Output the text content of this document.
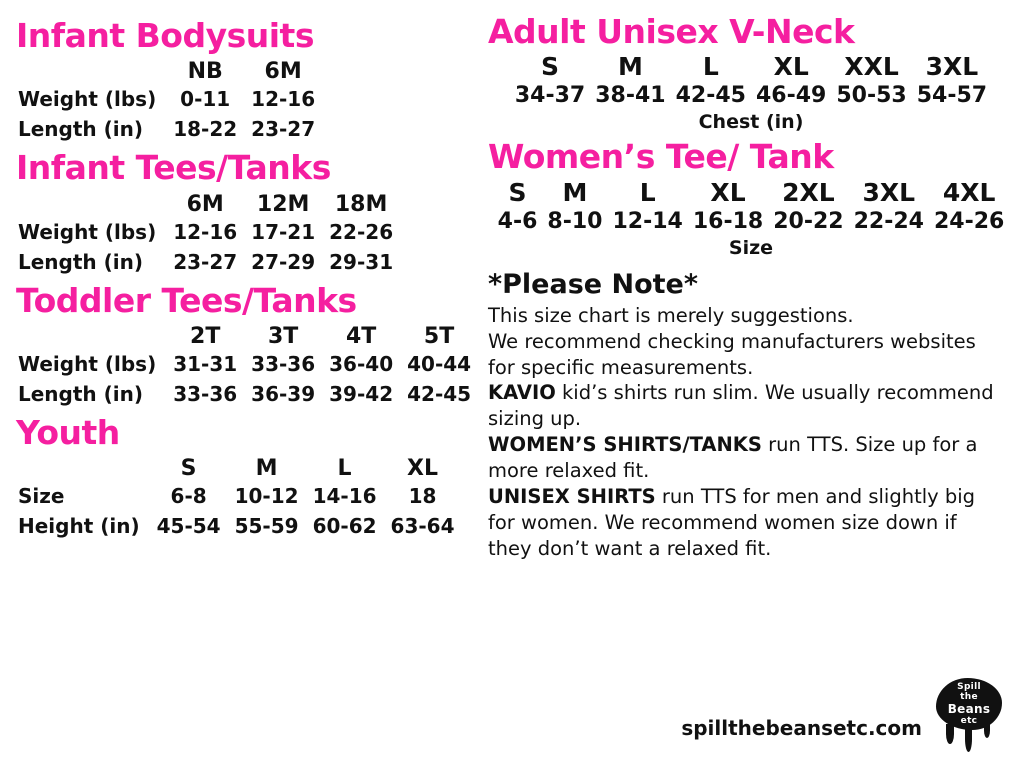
Infant Bodysuits
	NB	6M
Weight (lbs)	0-11	12-16
Length (in)	18-22	23-27
Infant Tees/Tanks
	6M	12M	18M
Weight (lbs)	12-16	17-21	22-26
Length (in)	23-27	27-29	29-31
Toddler Tees/Tanks
	2T	3T	4T	5T
Weight (lbs)	31-31	33-36	36-40	40-44
Length (in)	33-36	36-39	39-42	42-45
Youth
	S	M	L	XL
Size	6-8	10-12	14-16	18
Height (in)	45-54	55-59	60-62	63-64
Adult Unisex V-Neck
S	M	L	XL	XXL	3XL
34-37	38-41	42-45	46-49	50-53	54-57
Chest (in)
Women’s Tee/ Tank
S	M	L	XL	2XL	3XL	4XL
4-6	8-10	12-14	16-18	20-22	22-24	24-26
Size
*Please Note*

This size chart is merely suggestions.

We recommend checking manufacturers websites

for specific measurements.

KAVIO kid’s shirts run slim. We usually recommend

sizing up.

WOMEN’S SHIRTS/TANKS run TTS. Size up for a

more relaxed fit.

UNISEX SHIRTS run TTS for men and slightly big

for women. We recommend women size down if

they don’t want a relaxed fit.

spillthebeansetc.com
Spill
the
Beans
etc
